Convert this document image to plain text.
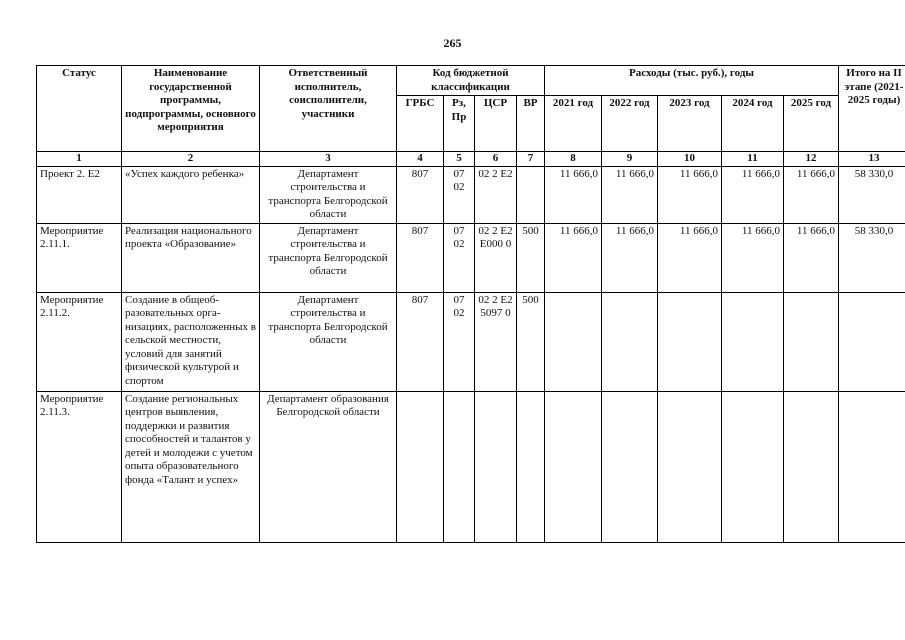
265
Статус	Наименование государственной программы, подпрограммы, основного мероприятия	Ответственный исполнитель, соисполнители, участники	Код бюджетной классификации				Расходы (тыс. руб.), годы					Итого на II этапе (2021-2025 годы)
			ГРБС	Рз, Пр	ЦСР	ВР	2021 год	2022 год	2023 год	2024 год	2025 год	
1	2	3	4	5	6	7	8	9	10	11	12	13
Проект 2. Е2	«Успех каждого ребенка»	Департамент строительства и транспорта Белгородской области	807	07 02	02 2 Е2		11 666,0	11 666,0	11 666,0	11 666,0	11 666,0	58 330,0
Мероприятие 2.11.1.	Реализация национального проекта «Образование»	Департамент строительства и транспорта Белгородской области	807	07 02	02 2 Е2 Е000 0	500	11 666,0	11 666,0	11 666,0	11 666,0	11 666,0	58 330,0
Мероприятие 2.11.2.	Создание в общеоб-разовательных орга-низациях, расположенных в сельской местности, условий для занятий физической культурой и спортом	Департамент строительства и транспорта Белгородской области	807	07 02	02 2 Е2 5097 0	500						
Мероприятие 2.11.3.	Создание региональных центров выявления, поддержки и развития способностей и талантов у детей и молодежи с учетом опыта образовательного фонда «Талант и успех»	Департамент образования Белгородской области										
